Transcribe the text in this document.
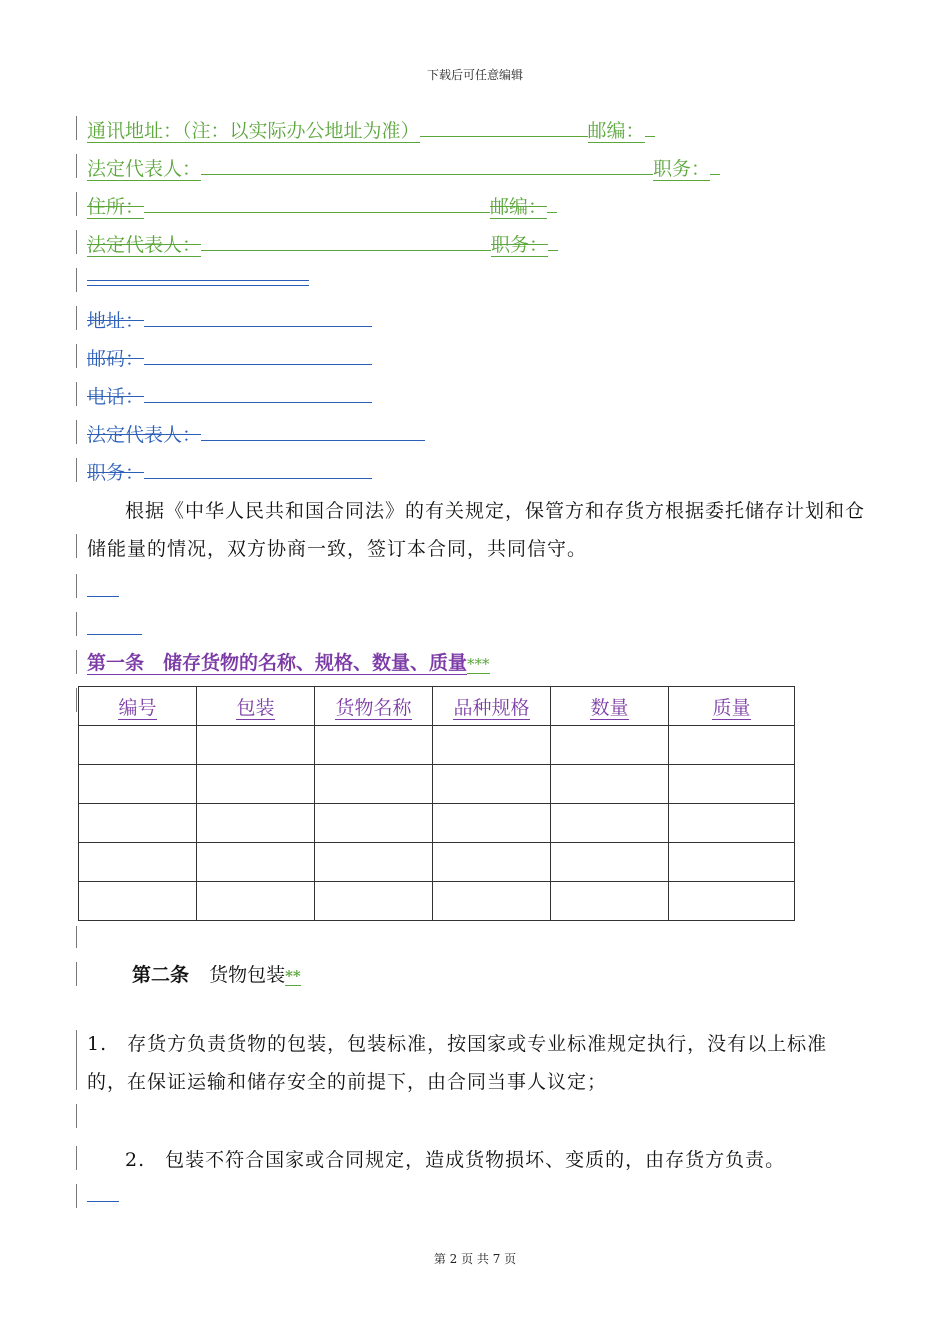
下载后可任意编辑
通讯地址：（注：以实际办公地址为准）	邮编：
法定代表人：	职务：
住所：	邮编：
法定代表人：	职务：
地址：
邮码：
电话：
法定代表人：
职务：
根据《中华人民共和国合同法》的有关规定，保管方和存货方根据委托储存计划和仓储能量的情况，双方协商一致，签订本合同，共同信守。
第一条　储存货物的名称、规格、数量、质量***
编号	包装	货物名称	品种规格	数量	质量

第二条 货物包装**
1.　 存货方负责货物的包装，包装标准，按国家或专业标准规定执行，没有以上标准的，在保证运输和储存安全的前提下，由合同当事人议定；
2.　 包装不符合国家或合同规定，造成货物损坏、变质的，由存货方负责。
第 2 页 共 7 页
